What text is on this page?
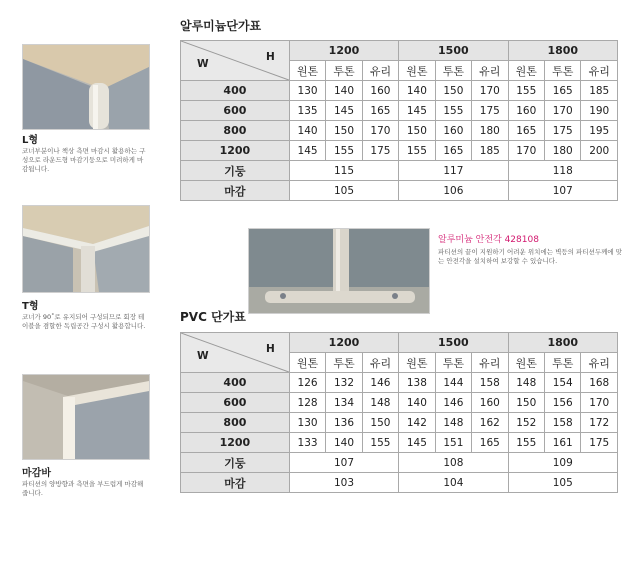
L형
코너부분이나 책상 측면 마감시 활용하는 구성으로 라운드형 마감기둥으로 미려하게 마감됩니다.
T형
코너가 90˚로 유지되어 구성되므로 회장 테이블을 겸할한 독립공간 구성시 활용합니다.
마감바
파티션의 양방향과 측면을 부드럽게 마감해줍니다.
알루미늄단가표
H
W	1200			1500			1800		
	원톤	투톤	유리	원톤	투톤	유리	원톤	투톤	유리
400	130	140	160	140	150	170	155	165	185
600	135	145	165	145	155	175	160	170	190
800	140	150	170	150	160	180	165	175	195
1200	145	155	175	155	165	185	170	180	200
기둥	115			117			118		
마감	105			106			107		
알루미늄 안전각 428108
파티션의 끝이 지원하기 어려운 위치에는 벽등의 파티션두께에 맞는 안전각을 설치하여 보강할 수 있습니다.
PVC 단가표
H
W	1200			1500			1800		
	원톤	투톤	유리	원톤	투톤	유리	원톤	투톤	유리
400	126	132	146	138	144	158	148	154	168
600	128	134	148	140	146	160	150	156	170
800	130	136	150	142	148	162	152	158	172
1200	133	140	155	145	151	165	155	161	175
기둥	107			108			109		
마감	103			104			105		
